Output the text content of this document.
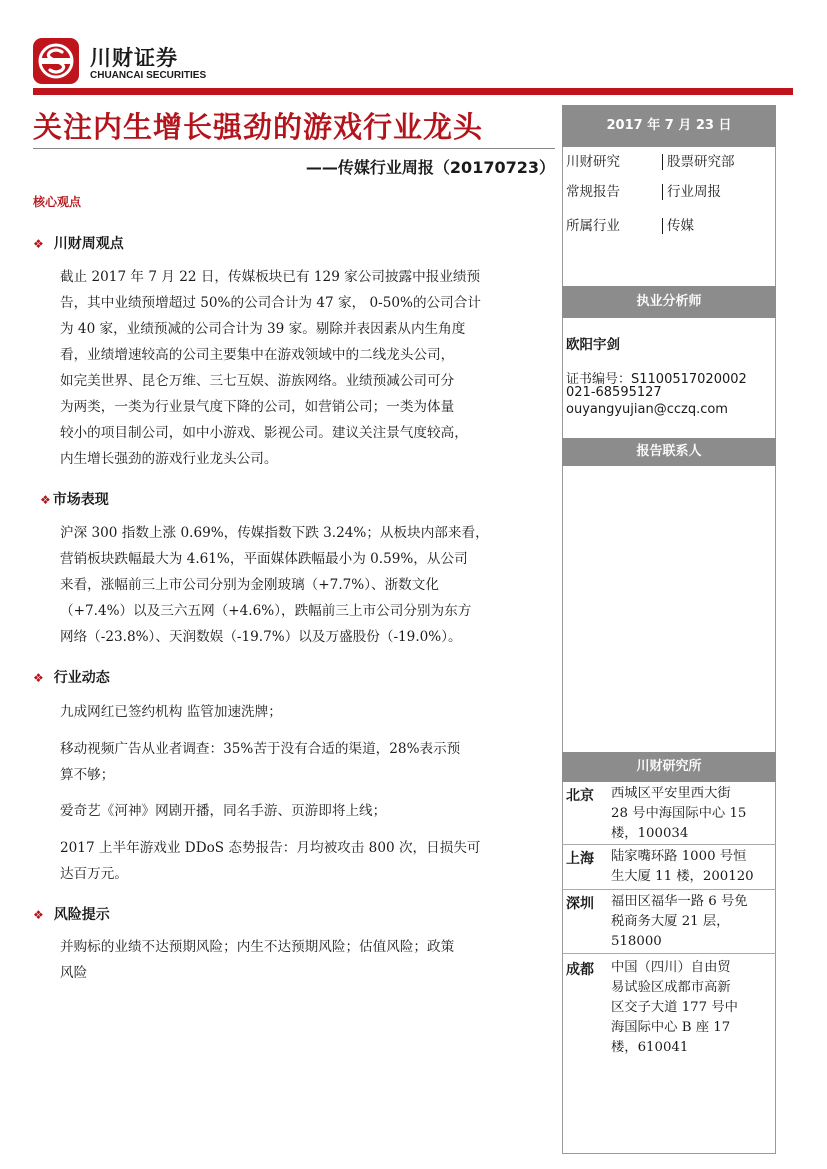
川财证券
CHUANCAI SECURITIES
关注内生增长强劲的游戏行业龙头
——传媒行业周报（20170723）
核心观点
❖ 川财周观点
截止 2017 年 7 月 22 日，传媒板块已有 129 家公司披露中报业绩预
告，其中业绩预增超过 50%的公司合计为 47 家， 0-50%的公司合计
为 40 家，业绩预减的公司合计为 39 家。剔除并表因素从内生角度
看，业绩增速较高的公司主要集中在游戏领域中的二线龙头公司，
如完美世界、昆仑万维、三七互娱、游族网络。业绩预减公司可分
为两类，一类为行业景气度下降的公司，如营销公司；一类为体量
较小的项目制公司，如中小游戏、影视公司。建议关注景气度较高，
内生增长强劲的游戏行业龙头公司。
❖ 市场表现
沪深 300 指数上涨 0.69%，传媒指数下跌 3.24%；从板块内部来看，
营销板块跌幅最大为 4.61%，平面媒体跌幅最小为 0.59%，从公司
来看，涨幅前三上市公司分别为金刚玻璃（+7.7%）、浙数文化
（+7.4%）以及三六五网（+4.6%），跌幅前三上市公司分别为东方
网络（-23.8%）、天润数娱（-19.7%）以及万盛股份（-19.0%）。
❖ 行业动态
九成网红已签约机构 监管加速洗牌；
移动视频广告从业者调查：35%苦于没有合适的渠道，28%表示预
算不够；
爱奇艺《河神》网剧开播，同名手游、页游即将上线；
2017 上半年游戏业 DDoS 态势报告：月均被攻击 800 次，日损失可
达百万元。
❖ 风险提示
并购标的业绩不达预期风险；内生不达预期风险；估值风险；政策
风险
2017 年 7 月 23 日
川财研究	股票研究部
常规报告	行业周报
所属行业	传媒
执业分析师
欧阳宇剑
证书编号：S1100517020002
021-68595127
ouyangyujian@cczq.com
报告联系人
川财研究所
北京 西城区平安里西大街
28 号中海国际中心 15
楼，100034
上海 陆家嘴环路 1000 号恒
生大厦 11 楼，200120
深圳 福田区福华一路 6 号免
税商务大厦 21 层，
518000
成都 中国（四川）自由贸
易试验区成都市高新
区交子大道 177 号中
海国际中心 B 座 17
楼，610041
